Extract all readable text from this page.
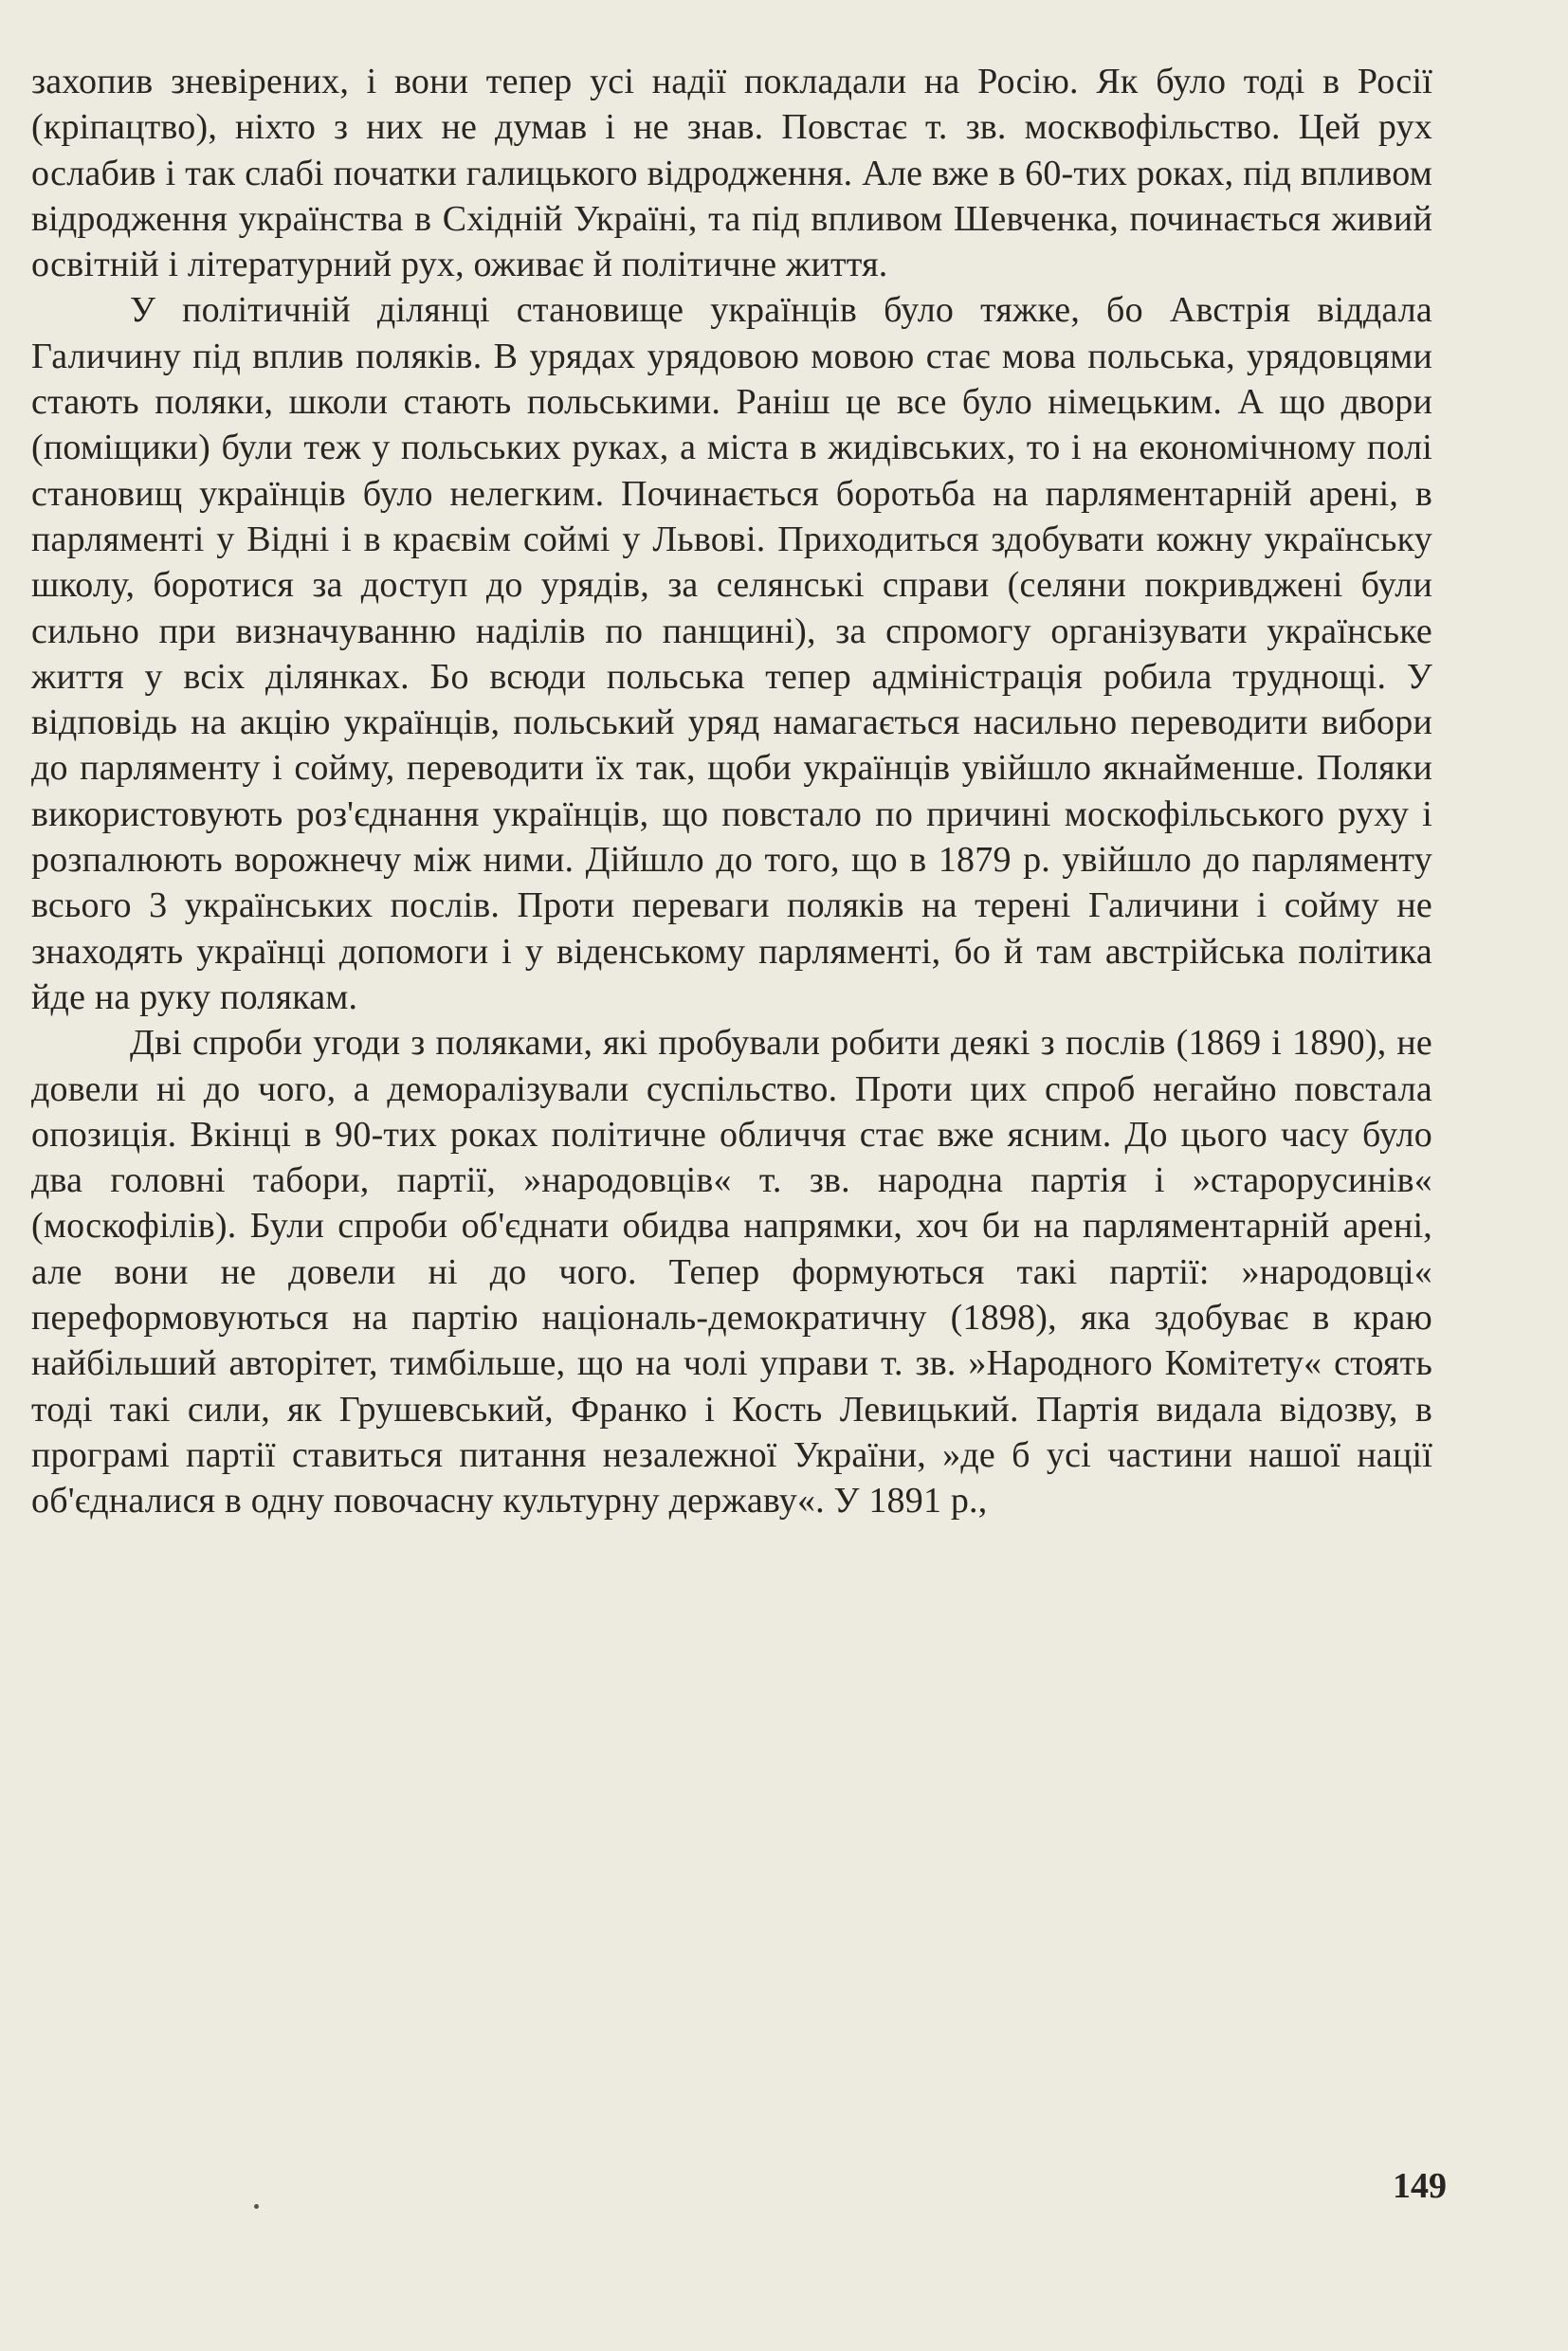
захопив зневірених, і вони тепер усі надії покладали на Росію. Як було тоді в Росії (кріпацтво), ніхто з них не думав і не знав. Повстає т. зв. москвофільство. Цей рух ослабив і так слабі початки галицького відродження. Але вже в 60-тих роках, під впливом відродження українства в Східній Україні, та під впливом Шевченка, починається живий освітній і літературний рух, оживає й політичне життя.

У політичній ділянці становище українців було тяжке, бо Австрія віддала Галичину під вплив поляків. В урядах урядовою мовою стає мова польська, урядовцями стають поляки, школи стають польськими. Раніш це все було німецьким. А що двори (поміщики) були теж у польських руках, а міста в жидівських, то і на економічному полі становищ українців було нелегким. Починається боротьба на парляментарній арені, в парляменті у Відні і в краєвім соймі у Львові. Приходиться здобувати кожну українську школу, боротися за доступ до урядів, за селянські справи (селяни покривджені були сильно при визначуванню наділів по панщині), за спромогу організувати українське життя у всіх ділянках. Бо всюди польська тепер адміністрація робила труднощі. У відповідь на акцію українців, польський уряд намагається насильно переводити вибори до парляменту і сойму, переводити їх так, щоби українців увійшло якнайменше. Поляки використовують роз'єднання українців, що повстало по причині москофільського руху і розпалюють ворожнечу між ними. Дійшло до того, що в 1879 р. увійшло до парляменту всього 3 українських послів. Проти переваги поляків на терені Галичини і сойму не знаходять українці допомоги і у віденському парляменті, бо й там австрійська політика йде на руку полякам.

Дві спроби угоди з поляками, які пробували робити деякі з послів (1869 і 1890), не довели ні до чого, а деморалізували суспільство. Проти цих спроб негайно повстала опозиція. Вкінці в 90-тих роках політичне обличчя стає вже ясним. До цього часу було два головні табори, партії, »народовців« т. зв. народна партія і »старорусинів« (москофілів). Були спроби об'єднати обидва напрямки, хоч би на парляментарній арені, але вони не довели ні до чого. Тепер формуються такі партії: »народовці« переформовуються на партію національ-демократичну (1898), яка здобуває в краю найбільший авторітет, тимбільше, що на чолі управи т. зв. »Народного Комітету« стоять тоді такі сили, як Грушевський, Франко і Кость Левицький. Партія видала відозву, в програмі партії ставиться питання незалежної України, »де б усі частини нашої нації об'єдналися в одну повочасну культурну державу«. У 1891 р.,

149
